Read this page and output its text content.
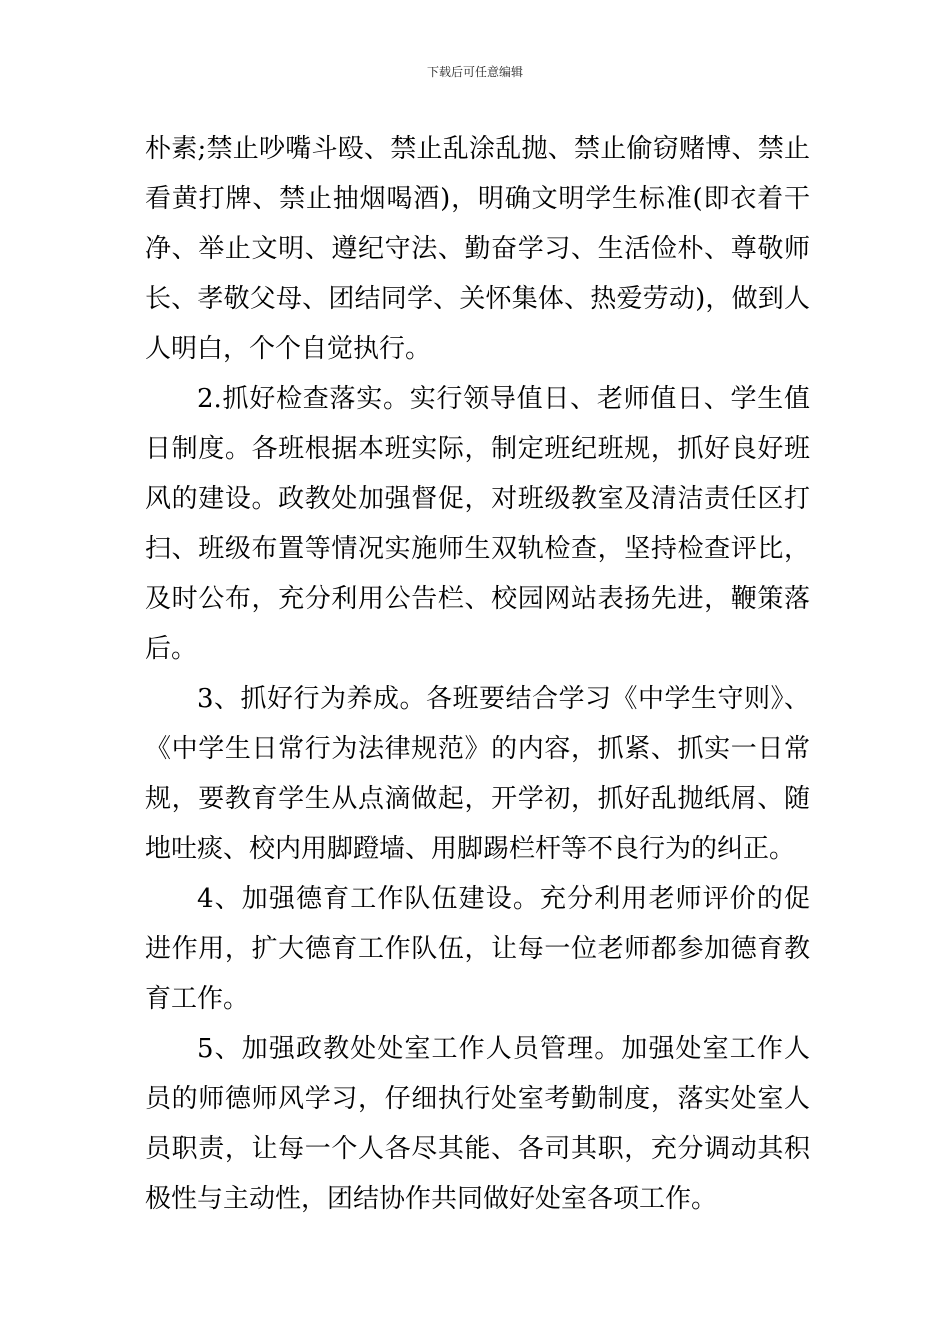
下载后可任意编辑

朴素;禁止吵嘴斗殴、禁止乱涂乱抛、禁止偷窃赌博、禁止看黄打牌、禁止抽烟喝酒)，明确文明学生标准(即衣着干净、举止文明、遵纪守法、勤奋学习、生活俭朴、尊敬师长、孝敬父母、团结同学、关怀集体、热爱劳动)，做到人人明白，个个自觉执行。

2.抓好检查落实。实行领导值日、老师值日、学生值日制度。各班根据本班实际，制定班纪班规，抓好良好班风的建设。政教处加强督促，对班级教室及清洁责任区打扫、班级布置等情况实施师生双轨检查，坚持检查评比，及时公布，充分利用公告栏、校园网站表扬先进，鞭策落后。

3、抓好行为养成。各班要结合学习《中学生守则》、《中学生日常行为法律规范》的内容，抓紧、抓实一日常规，要教育学生从点滴做起，开学初，抓好乱抛纸屑、随地吐痰、校内用脚蹬墙、用脚踢栏杆等不良行为的纠正。

4、加强德育工作队伍建设。充分利用老师评价的促进作用，扩大德育工作队伍，让每一位老师都参加德育教育工作。

5、加强政教处处室工作人员管理。加强处室工作人员的师德师风学习，仔细执行处室考勤制度，落实处室人员职责，让每一个人各尽其能、各司其职，充分调动其积极性与主动性，团结协作共同做好处室各项工作。
